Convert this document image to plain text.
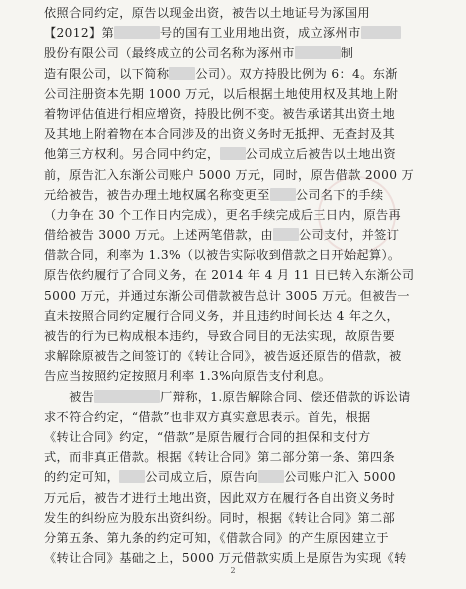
依照合同约定，原告以现金出资，被告以土地证号为涿国用
【2012】第	号的国有工业用地出资，成立涿州市
股份有限公司（最终成立的公司名称为涿州市	制
造有限公司，以下简称 公司）。双方持股比例为 6：4。东渐
公司注册资本先期 1000 万元，以后根据土地使用权及其地上附
着物评估值进行相应增资，持股比例不变。被告承诺其出资土地
及其地上附着物在本合同涉及的出资义务时无抵押、无查封及其
他第三方权利。另合同中约定， 公司成立后被告以土地出资
前，原告汇入东渐公司账户 5000 万元，同时，原告借款 2000 万
元给被告，被告办理土地权属名称变更至 公司名下的手续
（力争在 30 个工作日内完成），更名手续完成后三日内，原告再
借给被告 3000 万元。上述两笔借款，由 公司支付，并签订
借款合同，利率为 1.3%（以被告实际收到借款之日开始起算）。
原告依约履行了合同义务，在 2014 年 4 月 11 日已转入东渐公司
5000 万元，并通过东渐公司借款被告总计 3005 万元。但被告一
直未按照合同约定履行合同义务，并且违约时间长达 4 年之久，
被告的行为已构成根本违约，导致合同目的无法实现，故原告要
求解除原被告之间签订的《转让合同》，被告返还原告的借款，被
告应当按照约定按照月利率 1.3%向原告支付利息。
　　被告	厂辩称，1.原告解除合同、偿还借款的诉讼请
求不符合约定，“借款”也非双方真实意思表示。首先，根据
《转让合同》约定，“借款”是原告履行合同的担保和支付方
式，而非真正借款。根据《转让合同》第二部分第一条、第四条
的约定可知， 公司成立后，原告向 公司账户汇入 5000
万元后，被告才进行土地出资，因此双方在履行各自出资义务时
发生的纠纷应为股东出资纠纷。同时，根据《转让合同》第二部
分第五条、第九条的约定可知，《借款合同》的产生原因建立于
《转让合同》基础之上，5000 万元借款实质上是原告为实现《转
2
